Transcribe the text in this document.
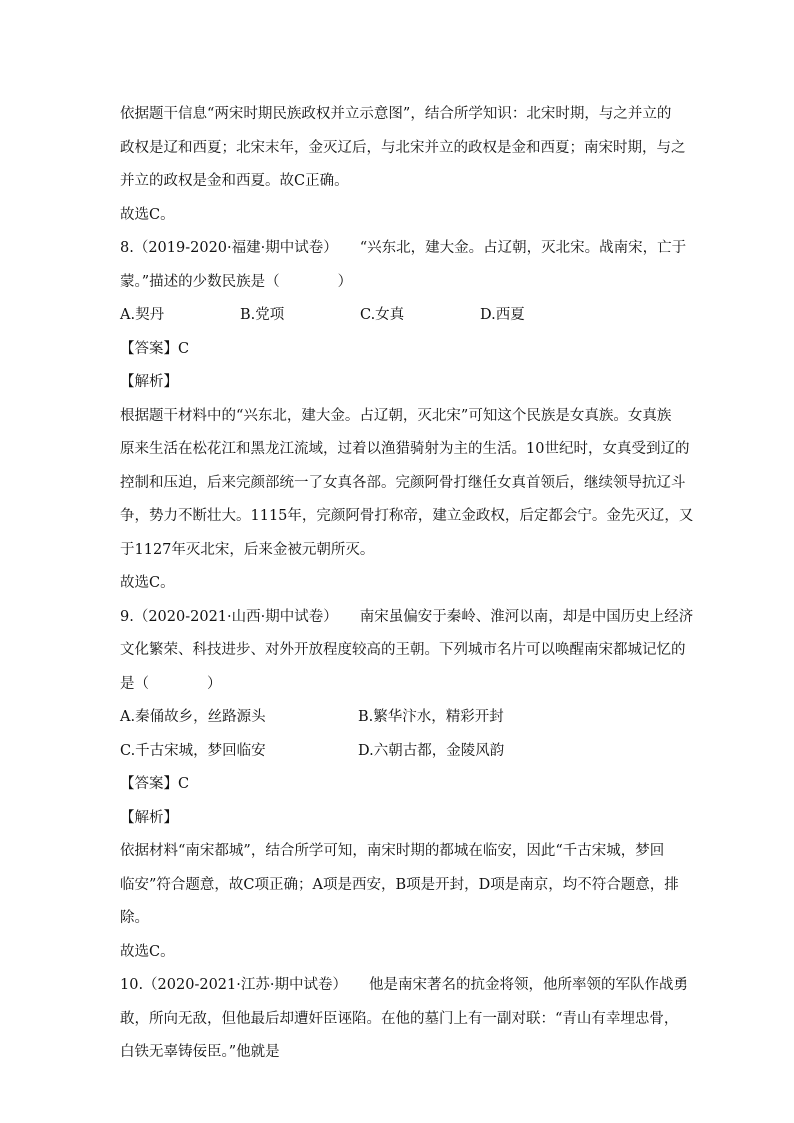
依据题干信息“两宋时期民族政权并立示意图”，结合所学知识：北宋时期，与之并立的
政权是辽和西夏；北宋末年，金灭辽后，与北宋并立的政权是金和西夏；南宋时期，与之
并立的政权是金和西夏。故C正确。
故选C。
8.（2019-2020·福建·期中试卷） “兴东北，建大金。占辽朝，灭北宋。战南宋，亡于
蒙。”描述的少数民族是（　　　　）
A.契丹	B.党项	C.女真	D.西夏
【答案】C
【解析】
根据题干材料中的“兴东北，建大金。占辽朝，灭北宋”可知这个民族是女真族。女真族
原来生活在松花江和黑龙江流域，过着以渔猎骑射为主的生活。10世纪时，女真受到辽的
控制和压迫，后来完颜部统一了女真各部。完颜阿骨打继任女真首领后，继续领导抗辽斗
争，势力不断壮大。1115年，完颜阿骨打称帝，建立金政权，后定都会宁。金先灭辽，又
于1127年灭北宋，后来金被元朝所灭。
故选C。
9.（2020-2021·山西·期中试卷） 南宋虽偏安于秦岭、淮河以南，却是中国历史上经济
文化繁荣、科技进步、对外开放程度较高的王朝。下列城市名片可以唤醒南宋都城记忆的
是（　　　　）
A.秦俑故乡，丝路源头	B.繁华汴水，精彩开封
C.千古宋城，梦回临安	D.六朝古都，金陵风韵
【答案】C
【解析】
依据材料“南宋都城”，结合所学可知，南宋时期的都城在临安，因此“千古宋城，梦回
临安”符合题意，故C项正确；A项是西安，B项是开封，D项是南京，均不符合题意，排
除。
故选C。
10.（2020-2021·江苏·期中试卷） 他是南宋著名的抗金将领，他所率领的军队作战勇
敢，所向无敌，但他最后却遭奸臣诬陷。在他的墓门上有一副对联：“青山有幸埋忠骨，
白铁无辜铸佞臣。”他就是
